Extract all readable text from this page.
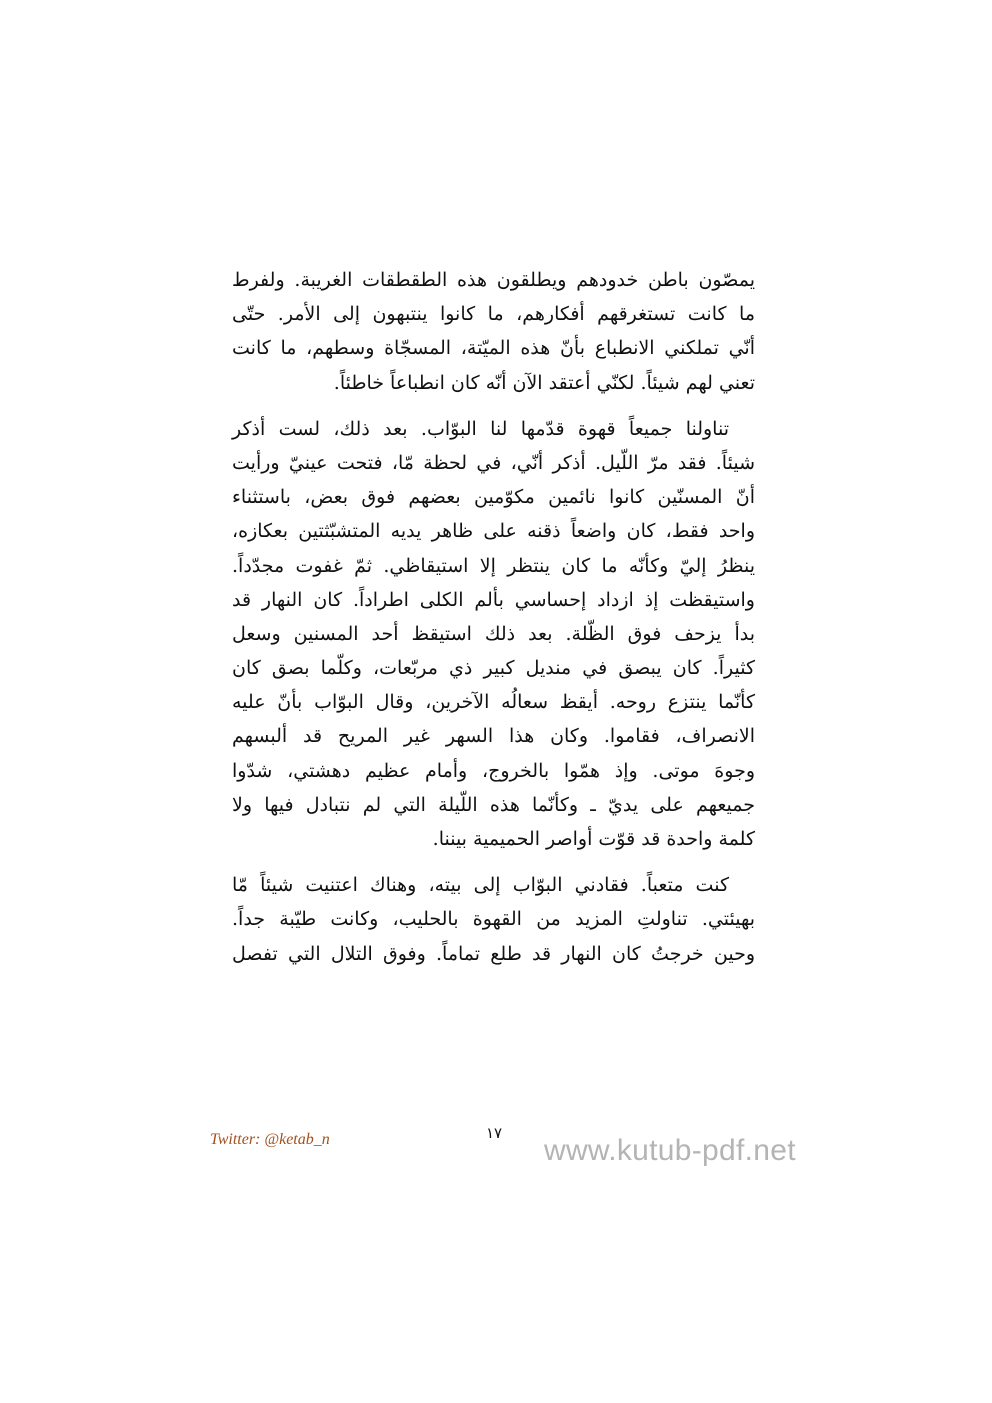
يمصّون باطن خدودهم ويطلقون هذه الطقطقات الغريبة. ولفرط
ما كانت تستغرقهم أفكارهم، ما كانوا ينتبهون إلى الأمر. حتّى
أنّي تملكني الانطباع بأنّ هذه الميّتة، المسجّاة وسطهم، ما كانت
تعني لهم شيئاً. لكنّي أعتقد الآن أنّه كان انطباعاً خاطئاً.
تناولنا جميعاً قهوة قدّمها لنا البوّاب. بعد ذلك، لست أذكر
شيئاً. فقد مرّ اللّيل. أذكر أنّي، في لحظة مّا، فتحت عينيّ ورأيت
أنّ المسنّين كانوا نائمين مكوّمين بعضهم فوق بعض، باستثناء
واحد فقط، كان واضعاً ذقنه على ظاهر يديه المتشبّثتين بعكازه،
ينظرُ إليّ وكأنّه ما كان ينتظر إلا استيقاظي. ثمّ غفوت مجدّداً.
واستيقظت إذ ازداد إحساسي بألم الكلى اطراداً. كان النهار قد
بدأ يزحف فوق الظّلة. بعد ذلك استيقظ أحد المسنين وسعل
كثيراً. كان يبصق في منديل كبير ذي مربّعات، وكلّما بصق كان
كأنّما ينتزع روحه. أيقظ سعالُه الآخرين، وقال البوّاب بأنّ عليه
الانصراف، فقاموا. وكان هذا السهر غير المريح قد ألبسهم
وجوهَ موتى. وإذ همّوا بالخروج، وأمام عظيم دهشتي، شدّوا
جميعهم على يديّ ـ وكأنّما هذه اللّيلة التي لم نتبادل فيها ولا
كلمة واحدة قد قوّت أواصر الحميمية بيننا.
كنت متعباً. فقادني البوّاب إلى بيته، وهناك اعتنيت شيئاً مّا
بهيئتي. تناولتِ المزيد من القهوة بالحليب، وكانت طيّبة جداً.
وحين خرجتُ كان النهار قد طلع تماماً. وفوق التلال التي تفصل
Twitter: @ketab_n	١٧
www.kutub-pdf.net
